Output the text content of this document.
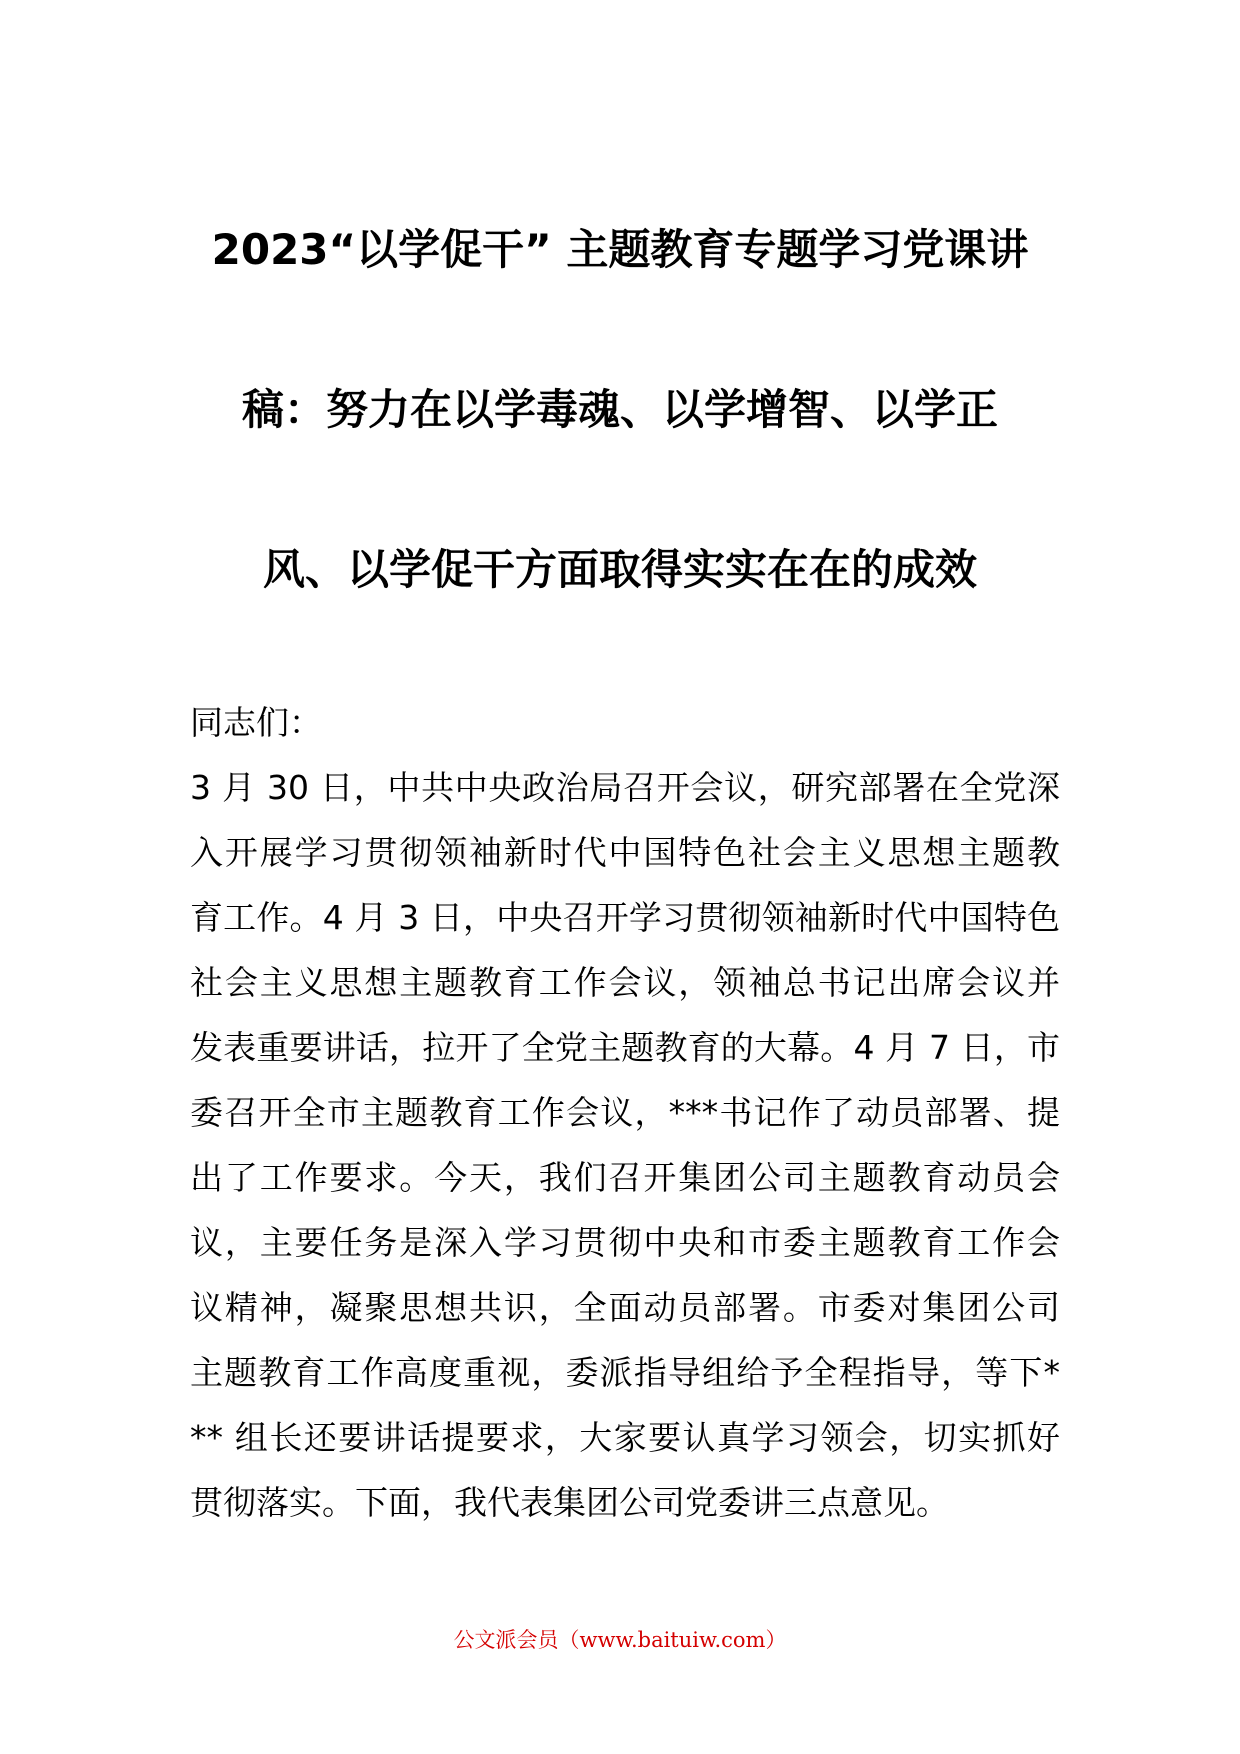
2023“以学促干” 主题教育专题学习党课讲
稿：努力在以学毒魂、以学增智、以学正
风、以学促干方面取得实实在在的成效
同志们：
3 月 30 日，中共中央政治局召开会议，研究部署在全党深
入开展学习贯彻领袖新时代中国特色社会主义思想主题教
育工作。4 月 3 日，中央召开学习贯彻领袖新时代中国特色
社会主义思想主题教育工作会议，领袖总书记出席会议并
发表重要讲话，拉开了全党主题教育的大幕。4 月 7 日，市
委召开全市主题教育工作会议，***书记作了动员部署、提
出了工作要求。今天，我们召开集团公司主题教育动员会
议，主要任务是深入学习贯彻中央和市委主题教育工作会
议精神，凝聚思想共识，全面动员部署。市委对集团公司
主题教育工作高度重视，委派指导组给予全程指导，等下*
** 组长还要讲话提要求，大家要认真学习领会，切实抓好
贯彻落实。下面，我代表集团公司党委讲三点意见。
公文派会员（www.baituiw.com）
